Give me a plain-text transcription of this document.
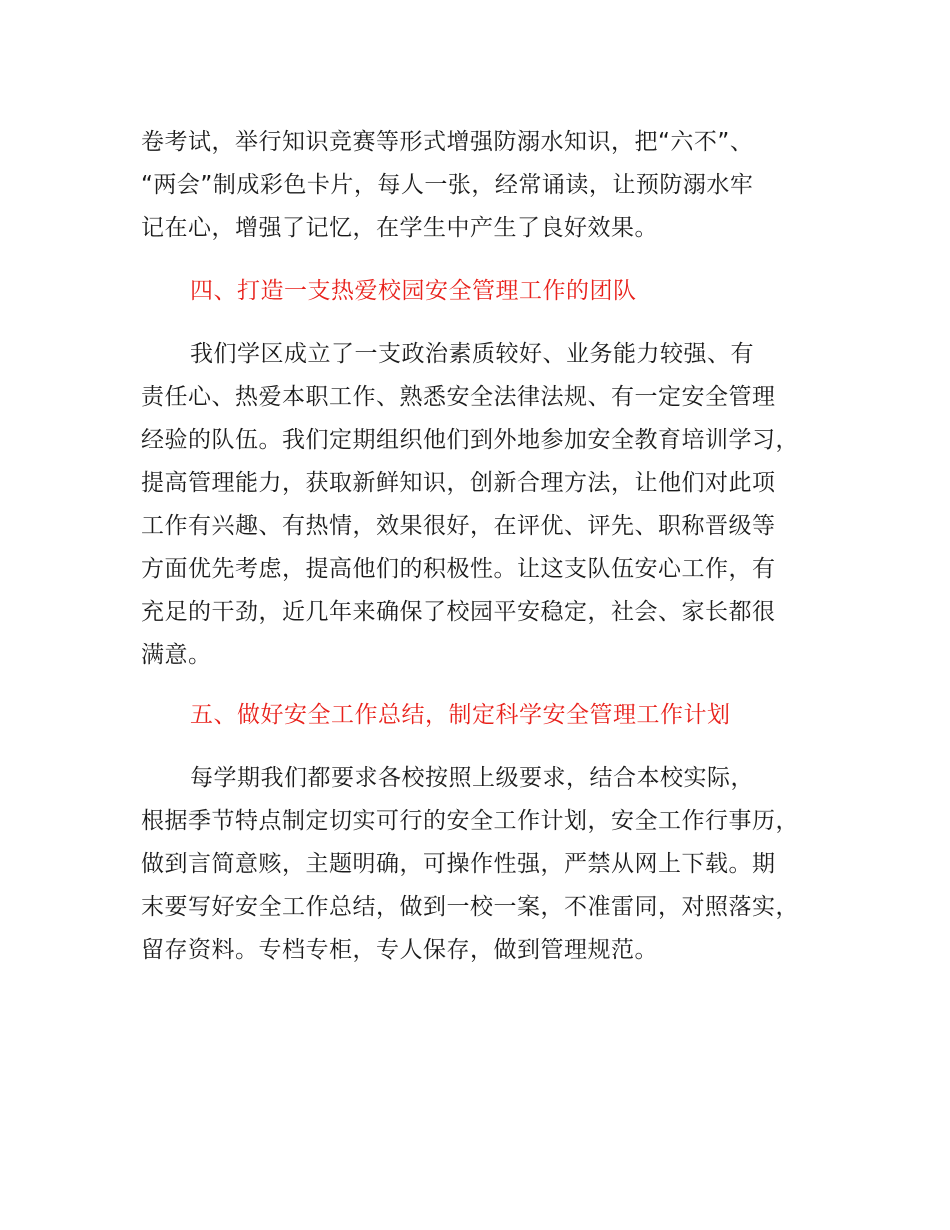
卷考试，举行知识竞赛等形式增强防溺水知识，把“六不”、
“两会”制成彩色卡片，每人一张，经常诵读，让预防溺水牢
记在心，增强了记忆，在学生中产生了良好效果。
四、打造一支热爱校园安全管理工作的团队
我们学区成立了一支政治素质较好、业务能力较强、有
责任心、热爱本职工作、熟悉安全法律法规、有一定安全管理
经验的队伍。我们定期组织他们到外地参加安全教育培训学习，
提高管理能力，获取新鲜知识，创新合理方法，让他们对此项
工作有兴趣、有热情，效果很好，在评优、评先、职称晋级等
方面优先考虑，提高他们的积极性。让这支队伍安心工作，有
充足的干劲，近几年来确保了校园平安稳定，社会、家长都很
满意。
五、做好安全工作总结，制定科学安全管理工作计划
每学期我们都要求各校按照上级要求，结合本校实际，
根据季节特点制定切实可行的安全工作计划，安全工作行事历，
做到言简意赅，主题明确，可操作性强，严禁从网上下载。期
末要写好安全工作总结，做到一校一案，不准雷同，对照落实，
留存资料。专档专柜，专人保存，做到管理规范。
